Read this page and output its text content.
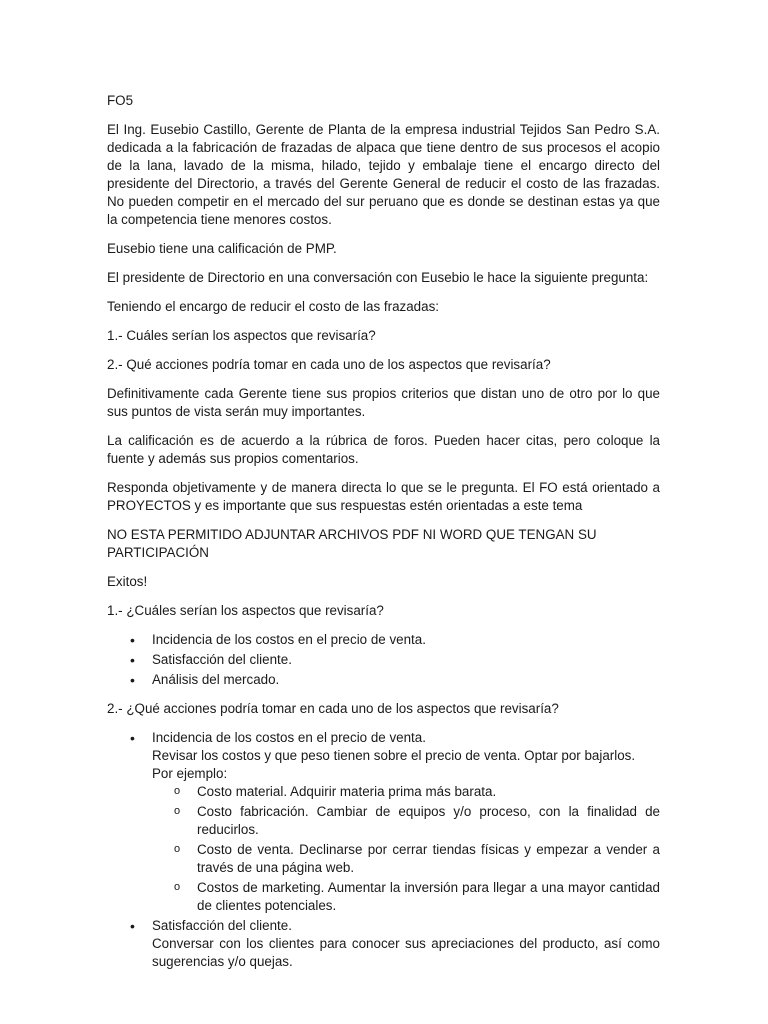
FO5

El Ing. Eusebio Castillo, Gerente de Planta de la empresa industrial Tejidos San Pedro S.A. dedicada a la fabricación de frazadas de alpaca que tiene dentro de sus procesos el acopio de la lana, lavado de la misma, hilado, tejido y embalaje tiene el encargo directo del presidente del Directorio, a través del Gerente General de reducir el costo de las frazadas. No pueden competir en el mercado del sur peruano que es donde se destinan estas ya que la competencia tiene menores costos.

Eusebio tiene una calificación de PMP.

El presidente de Directorio en una conversación con Eusebio le hace la siguiente pregunta:

Teniendo el encargo de reducir el costo de las frazadas:

1.- Cuáles serían los aspectos que revisaría?

2.- Qué acciones podría tomar en cada uno de los aspectos que revisaría?

Definitivamente cada Gerente tiene sus propios criterios que distan uno de otro por lo que sus puntos de vista serán muy importantes.

La calificación es de acuerdo a la rúbrica de foros. Pueden hacer citas, pero coloque la fuente y además sus propios comentarios.

Responda objetivamente y de manera directa lo que se le pregunta. El FO está orientado a PROYECTOS y es importante que sus respuestas estén orientadas a este tema

NO ESTA PERMITIDO ADJUNTAR ARCHIVOS PDF NI WORD QUE TENGAN SU PARTICIPACIÓN

Exitos!

1.- ¿Cuáles serían los aspectos que revisaría?

• Incidencia de los costos en el precio de venta.
• Satisfacción del cliente.
• Análisis del mercado.

2.- ¿Qué acciones podría tomar en cada uno de los aspectos que revisaría?

• Incidencia de los costos en el precio de venta.
Revisar los costos y que peso tienen sobre el precio de venta. Optar por bajarlos.
Por ejemplo:
o Costo material. Adquirir materia prima más barata.
o Costo fabricación. Cambiar de equipos y/o proceso, con la finalidad de reducirlos.
o Costo de venta. Declinarse por cerrar tiendas físicas y empezar a vender a través de una página web.
o Costos de marketing. Aumentar la inversión para llegar a una mayor cantidad de clientes potenciales.
• Satisfacción del cliente.
Conversar con los clientes para conocer sus apreciaciones del producto, así como sugerencias y/o quejas.
